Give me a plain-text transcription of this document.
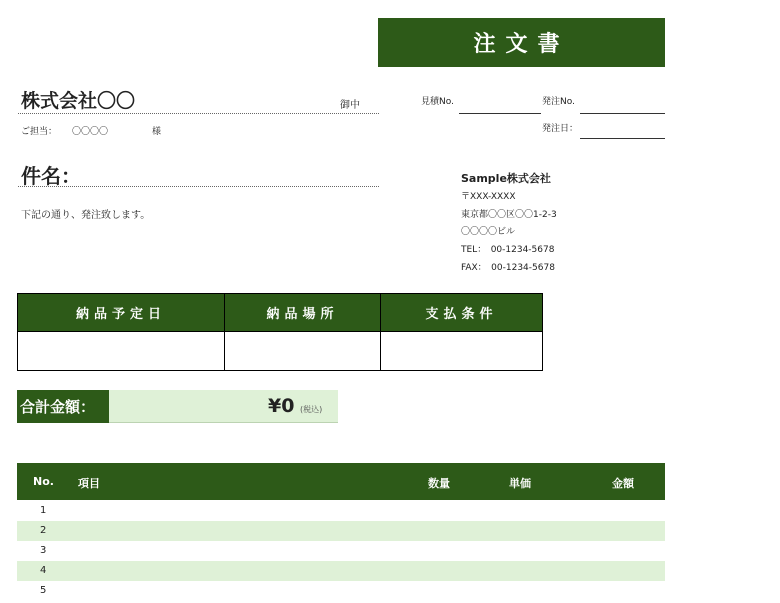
注文書
株式会社〇〇	御中
ご担当： 〇〇〇〇	様
件名：
下記の通り、発注致します。
見積No.	発注No.
発注日：
Sample株式会社
〒XXX-XXXX
東京都〇〇区〇〇1-2-3
〇〇〇〇ビル
TEL：　00-1234-5678
FAX：　00-1234-5678
納品予定日	納品場所	支払条件

合計金額：	¥0 (税込)
No. 項目	数量	単価	金額
1
2
3
4
5
